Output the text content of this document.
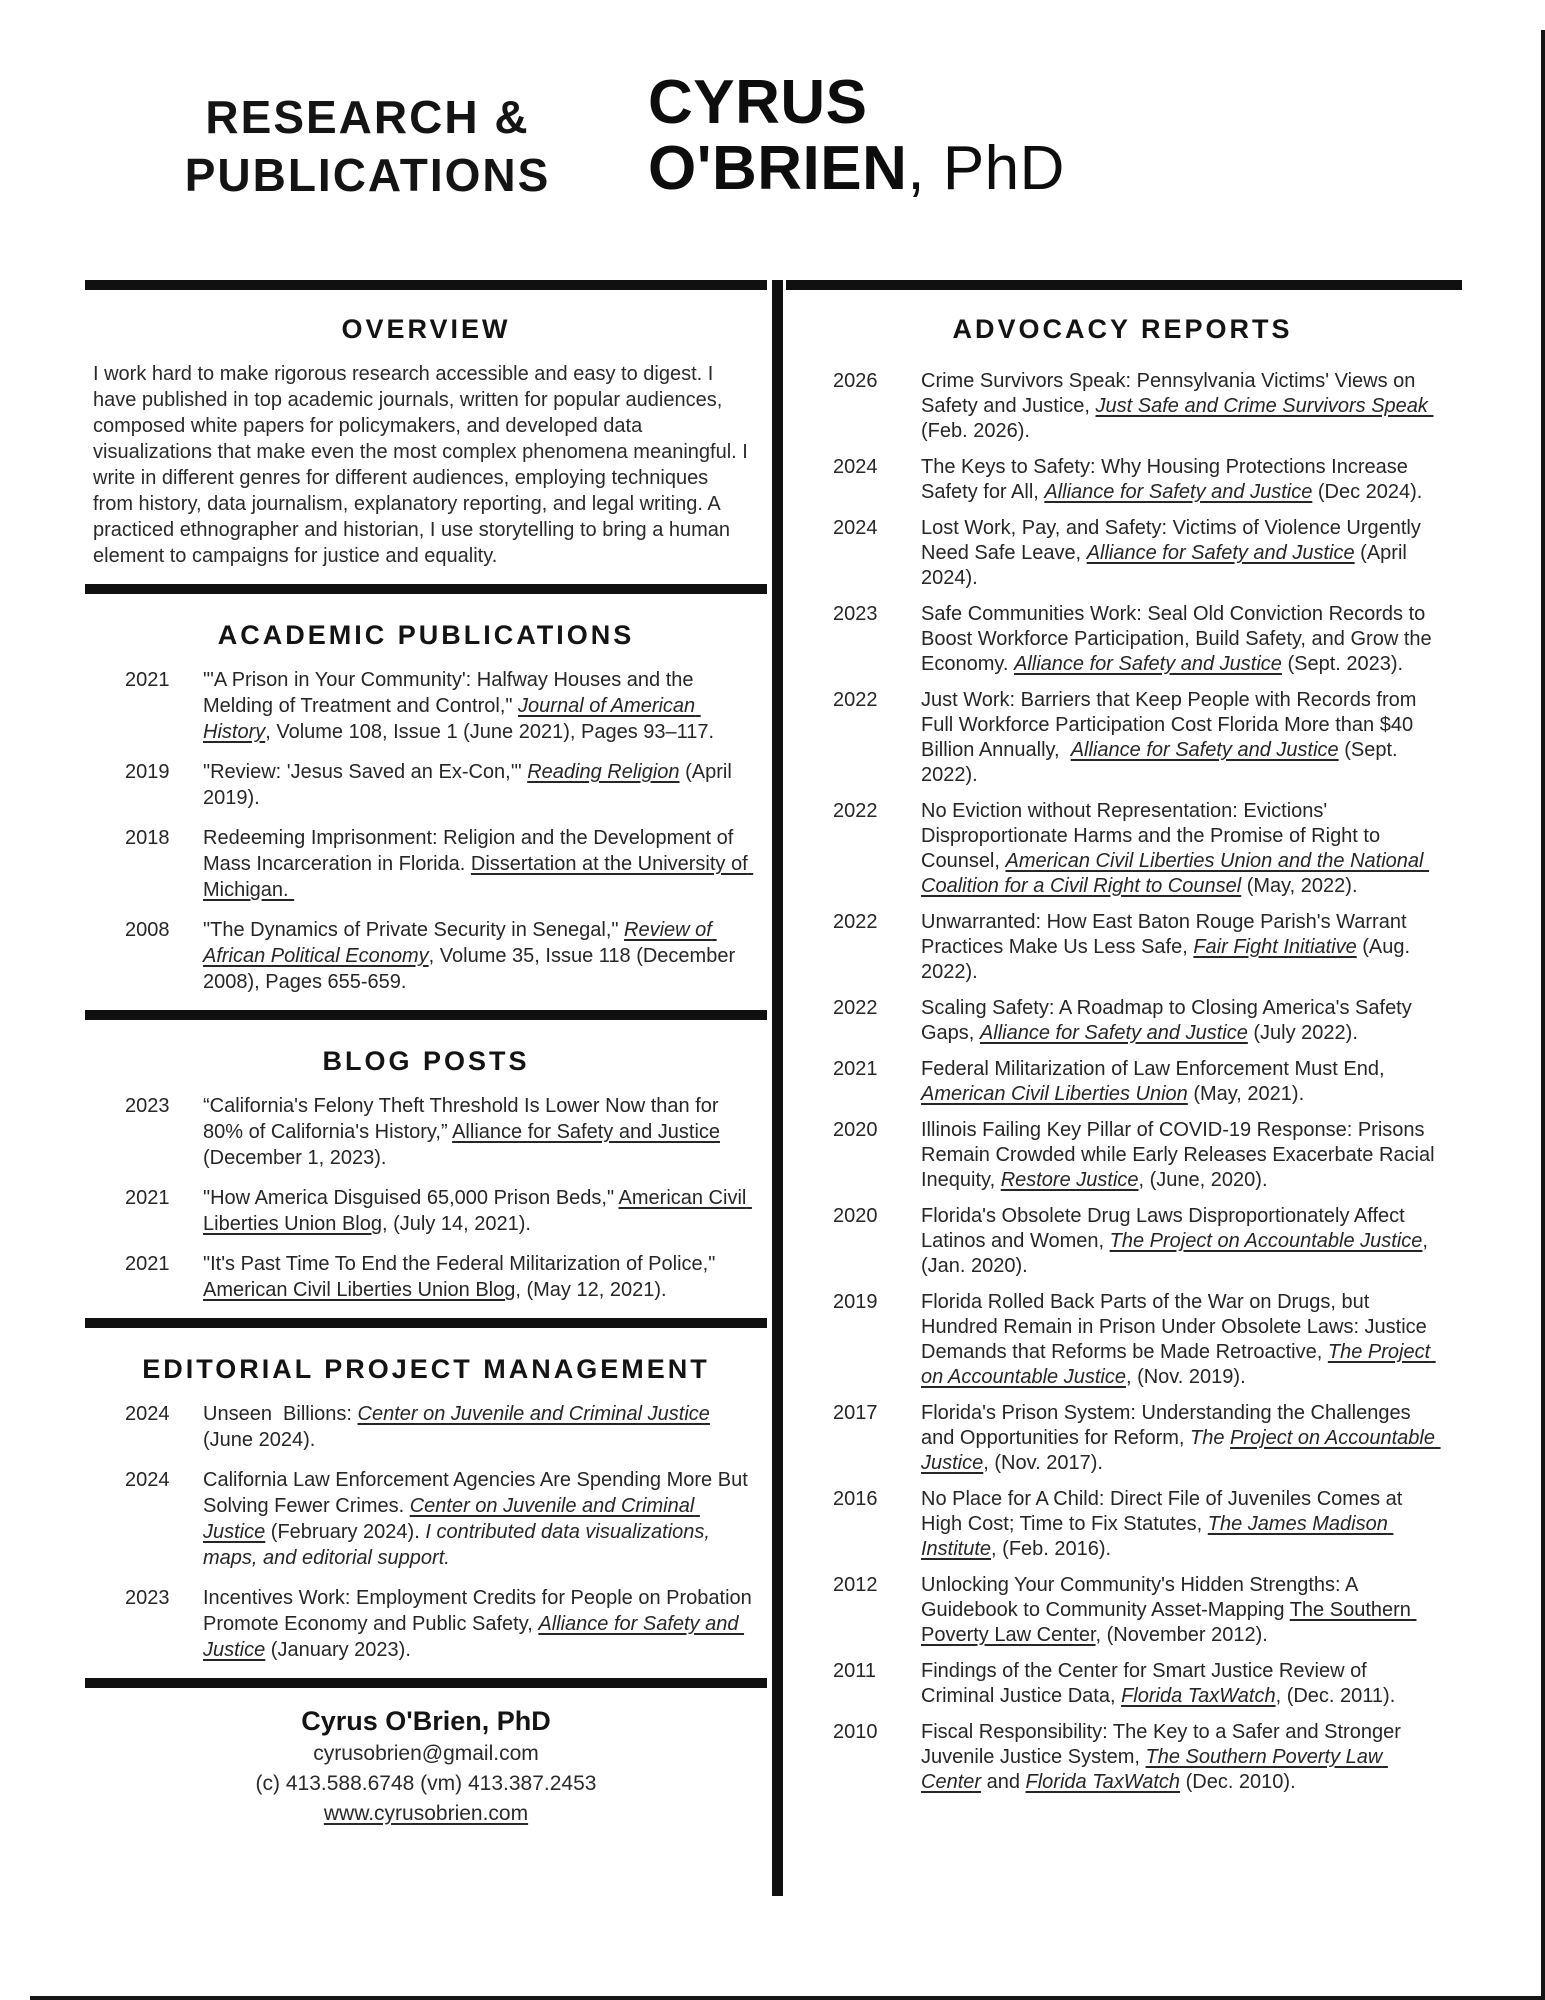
RESEARCH &
PUBLICATIONS
CYRUS
O'BRIEN, PhD
OVERVIEW

I work hard to make rigorous research accessible and easy to digest. I have published in top academic journals, written for popular audiences, composed white papers for policymakers, and developed data visualizations that make even the most complex phenomena meaningful. I write in different genres for different audiences, employing techniques from history, data journalism, explanatory reporting, and legal writing. A practiced ethnographer and historian, I use storytelling to bring a human element to campaigns for justice and equality.

ACADEMIC PUBLICATIONS
2021	"'A Prison in Your Community': Halfway Houses and the Melding of Treatment and Control," Journal of American History, Volume 108, Issue 1 (June 2021), Pages 93–117.
2019	"Review: 'Jesus Saved an Ex-Con,'" Reading Religion (April 2019).
2018	Redeeming Imprisonment: Religion and the Development of Mass Incarceration in Florida. Dissertation at the University of Michigan.
2008	"The Dynamics of Private Security in Senegal," Review of African Political Economy, Volume 35, Issue 118 (December 2008), Pages 655-659.
BLOG POSTS
2023	“California's Felony Theft Threshold Is Lower Now than for 80% of California's History,” Alliance for Safety and Justice (December 1, 2023).
2021	"How America Disguised 65,000 Prison Beds," American Civil Liberties Union Blog, (July 14, 2021).
2021	"It's Past Time To End the Federal Militarization of Police," American Civil Liberties Union Blog, (May 12, 2021).
EDITORIAL PROJECT MANAGEMENT
2024	Unseen  Billions: Center on Juvenile and Criminal Justice (June 2024).
2024	California Law Enforcement Agencies Are Spending More But Solving Fewer Crimes. Center on Juvenile and Criminal Justice (February 2024). I contributed data visualizations, maps, and editorial support.
2023	Incentives Work: Employment Credits for People on Probation Promote Economy and Public Safety, Alliance for Safety and Justice (January 2023).
Cyrus O'Brien, PhD
cyrusobrien@gmail.com
(c) 413.588.6748 (vm) 413.387.2453
www.cyrusobrien.com
ADVOCACY REPORTS
2026	Crime Survivors Speak: Pennsylvania Victims' Views on Safety and Justice, Just Safe and Crime Survivors Speak (Feb. 2026).
2024	The Keys to Safety: Why Housing Protections Increase Safety for All, Alliance for Safety and Justice (Dec 2024).
2024	Lost Work, Pay, and Safety: Victims of Violence Urgently Need Safe Leave, Alliance for Safety and Justice (April 2024).
2023	Safe Communities Work: Seal Old Conviction Records to Boost Workforce Participation, Build Safety, and Grow the Economy. Alliance for Safety and Justice (Sept. 2023).
2022	Just Work: Barriers that Keep People with Records from Full Workforce Participation Cost Florida More than $40 Billion Annually,  Alliance for Safety and Justice (Sept. 2022).
2022	No Eviction without Representation: Evictions' Disproportionate Harms and the Promise of Right to Counsel, American Civil Liberties Union and the National Coalition for a Civil Right to Counsel (May, 2022).
2022	Unwarranted: How East Baton Rouge Parish's Warrant Practices Make Us Less Safe, Fair Fight Initiative (Aug. 2022).
2022	Scaling Safety: A Roadmap to Closing America's Safety Gaps, Alliance for Safety and Justice (July 2022).
2021	Federal Militarization of Law Enforcement Must End, American Civil Liberties Union (May, 2021).
2020	Illinois Failing Key Pillar of COVID-19 Response: Prisons Remain Crowded while Early Releases Exacerbate Racial Inequity, Restore Justice, (June, 2020).
2020	Florida's Obsolete Drug Laws Disproportionately Affect Latinos and Women, The Project on Accountable Justice, (Jan. 2020).
2019	Florida Rolled Back Parts of the War on Drugs, but Hundred Remain in Prison Under Obsolete Laws: Justice Demands that Reforms be Made Retroactive, The Project on Accountable Justice, (Nov. 2019).
2017	Florida's Prison System: Understanding the Challenges and Opportunities for Reform, The Project on Accountable Justice, (Nov. 2017).
2016	No Place for A Child: Direct File of Juveniles Comes at High Cost; Time to Fix Statutes, The James Madison Institute, (Feb. 2016).
2012	Unlocking Your Community's Hidden Strengths: A Guidebook to Community Asset-Mapping The Southern Poverty Law Center, (November 2012).
2011	Findings of the Center for Smart Justice Review of Criminal Justice Data, Florida TaxWatch, (Dec. 2011).
2010	Fiscal Responsibility: The Key to a Safer and Stronger Juvenile Justice System, The Southern Poverty Law Center and Florida TaxWatch (Dec. 2010).
